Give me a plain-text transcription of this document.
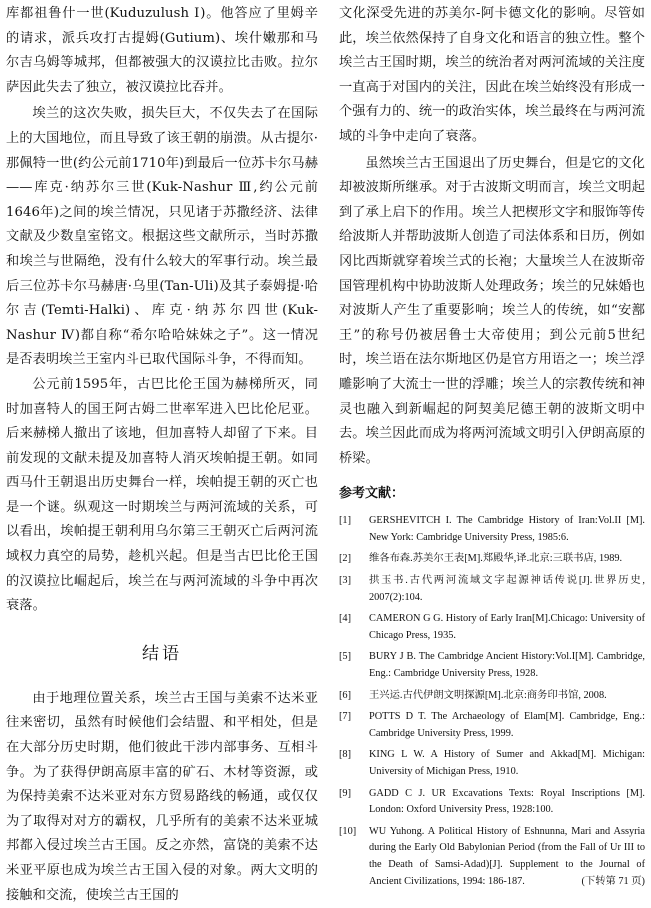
库都祖鲁什一世(Kuduzulush Ⅰ)。他答应了里姆辛的请求，派兵攻打古提姆(Gutium)、埃什嫩那和马尔吉乌姆等城邦，但都被强大的汉谟拉比击败。拉尔萨因此失去了独立，被汉谟拉比吞并。

埃兰的这次失败，损失巨大，不仅失去了在国际上的大国地位，而且导致了该王朝的崩溃。从古提尔·那佩特一世(约公元前1710年)到最后一位苏卡尔马赫——库克·纳苏尔三世(Kuk-Nashur Ⅲ,约公元前1646年)之间的埃兰情况，只见诸于苏撒经济、法律文献及少数皇室铭文。根据这些文献所示，当时苏撒和埃兰与世隔绝，没有什么较大的军事行动。埃兰最后三位苏卡尔马赫唐·乌里(Tan-Uli)及其子泰姆提·哈尔吉(Temti-Halki)、库克·纳苏尔四世(Kuk-Nashur Ⅳ)都自称“希尔哈哈妹妹之子”。这一情况是否表明埃兰王室内斗已取代国际斗争，不得而知。

公元前1595年，古巴比伦王国为赫梯所灭，同时加喜特人的国王阿古姆二世率军进入巴比伦尼亚。后来赫梯人撤出了该地，但加喜特人却留了下来。目前发现的文献未提及加喜特人消灭埃帕提王朝。如同西马什王朝退出历史舞台一样，埃帕提王朝的灭亡也是一个谜。纵观这一时期埃兰与两河流域的关系，可以看出，埃帕提王朝利用乌尔第三王朝灭亡后两河流域权力真空的局势，趁机兴起。但是当古巴比伦王国的汉谟拉比崛起后，埃兰在与两河流域的斗争中再次衰落。

结语

由于地理位置关系，埃兰古王国与美索不达米亚往来密切，虽然有时候他们会结盟、和平相处，但是在大部分历史时期，他们彼此干涉内部事务、互相斗争。为了获得伊朗高原丰富的矿石、木材等资源，或为保持美索不达米亚对东方贸易路线的畅通，或仅仅为了取得对对方的霸权，几乎所有的美索不达米亚城邦都入侵过埃兰古王国。反之亦然，富饶的美索不达米亚平原也成为埃兰古王国入侵的对象。两大文明的接触和交流，使埃兰古王国的

文化深受先进的苏美尔-阿卡德文化的影响。尽管如此，埃兰依然保持了自身文化和语言的独立性。整个埃兰古王国时期，埃兰的统治者对两河流域的关注度一直高于对国内的关注，因此在埃兰始终没有形成一个强有力的、统一的政治实体，埃兰最终在与两河流域的斗争中走向了衰落。

虽然埃兰古王国退出了历史舞台，但是它的文化却被波斯所继承。对于古波斯文明而言，埃兰文明起到了承上启下的作用。埃兰人把楔形文字和服饰等传给波斯人并帮助波斯人创造了司法体系和日历，例如冈比西斯就穿着埃兰式的长袍；大量埃兰人在波斯帝国管理机构中协助波斯人处理政务；埃兰的兄妹婚也对波斯人产生了重要影响；埃兰人的传统，如“安鄯王”的称号仍被居鲁士大帝使用；到公元前5世纪时，埃兰语在法尔斯地区仍是官方用语之一；埃兰浮雕影响了大流士一世的浮雕；埃兰人的宗教传统和神灵也融入到新崛起的阿契美尼德王朝的波斯文明中去。埃兰因此而成为将两河流域文明引入伊朗高原的桥梁。

参考文献：
[1] GERSHEVITCH I. The Cambridge History of Iran:Vol.II [M]. New York: Cambridge University Press, 1985:6.
[2] 维各布森.苏美尔王表[M].郑殿华,译.北京:三联书店, 1989.
[3] 拱玉书.古代两河流域文字起源神话传说[J].世界历史, 2007(2):104.
[4] CAMERON G G. History of Early Iran[M].Chicago: University of Chicago Press, 1935.
[5] BURY J B. The Cambridge Ancient History:Vol.I[M]. Cambridge, Eng.: Cambridge University Press, 1928.
[6] 王兴运.古代伊朗文明探源[M].北京:商务印书馆, 2008.
[7] POTTS D T. The Archaeology of Elam[M]. Cambridge, Eng.: Cambridge University Press, 1999.
[8] KING L W. A History of Sumer and Akkad[M]. Michigan: University of Michigan Press, 1910.
[9] GADD C J. UR Excavations Texts: Royal Inscriptions [M]. London: Oxford University Press, 1928:100.
[10] WU Yuhong. A Political History of Eshnunna, Mari and Assyria during the Early Old Babylonian Period (from the Fall of Ur III to the Death of Samsi-Adad)[J]. Supplement to the Journal of Ancient Civilizations, 1994: 186-187.	(下转第 71 页)
